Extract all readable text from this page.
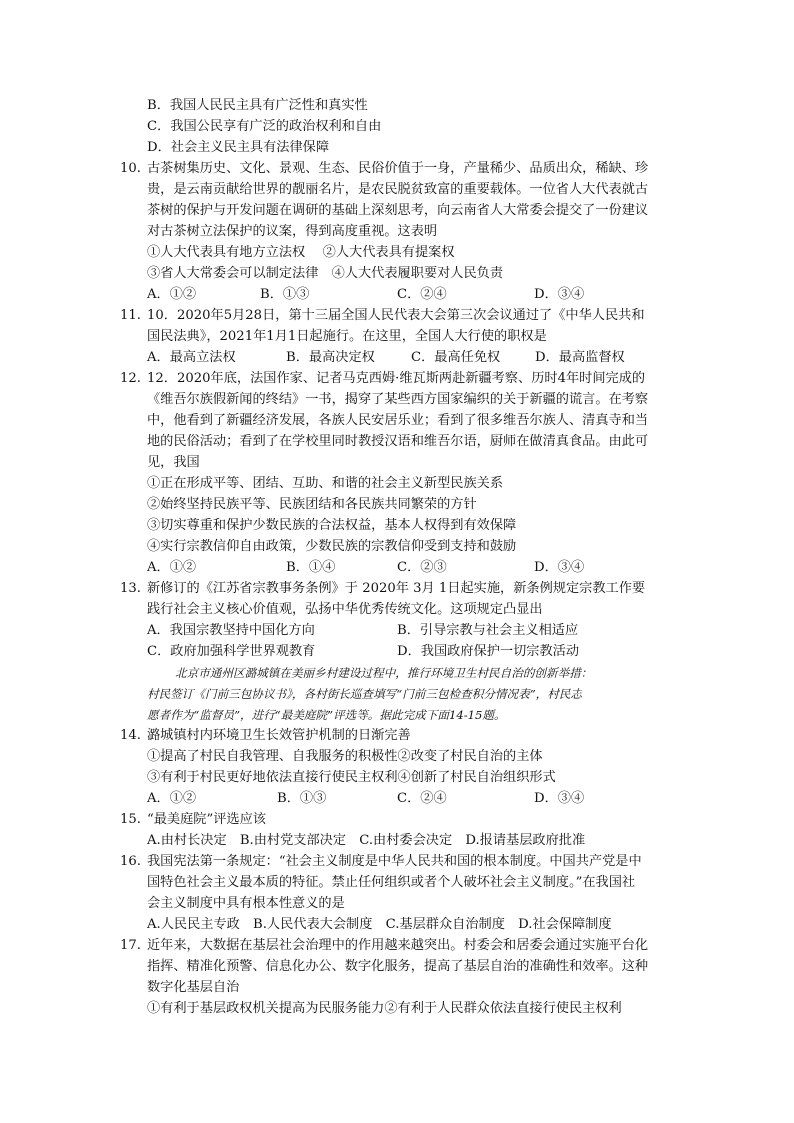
B．我国人民民主具有广泛性和真实性
C．我国公民享有广泛的政治权利和自由
D．社会主义民主具有法律保障
10. 古茶树集历史、文化、景观、生态、民俗价值于一身，产量稀少、品质出众，稀缺、珍
贵，是云南贡献给世界的靓丽名片，是农民脱贫致富的重要载体。一位省人大代表就古
茶树的保护与开发问题在调研的基础上深刻思考，向云南省人大常委会提交了一份建议
对古茶树立法保护的议案，得到高度重视。这表明
①人大代表具有地方立法权　 ②人大代表具有提案权
③省人大常委会可以制定法律　④人大代表履职要对人民负责
A．①②	B．①③	C．②④	D．③④
11. 10．2020年5月28日，第十三届全国人民代表大会第三次会议通过了《中华人民共和
国民法典》，2021年1月1日起施行。在这里，全国人大行使的职权是
A．最高立法权	B．最高决定权	C．最高任免权	D．最高监督权
12. 12．2020年底，法国作家、记者马克西姆·维瓦斯两赴新疆考察、历时4年时间完成的
《维吾尔族假新闻的终结》一书，揭穿了某些西方国家编织的关于新疆的谎言。在考察
中，他看到了新疆经济发展，各族人民安居乐业；看到了很多维吾尔族人、清真寺和当
地的民俗活动；看到了在学校里同时教授汉语和维吾尔语，厨师在做清真食品。由此可
见，我国
①正在形成平等、团结、互助、和谐的社会主义新型民族关系
②始终坚持民族平等、民族团结和各民族共同繁荣的方针
③切实尊重和保护少数民族的合法权益，基本人权得到有效保障
④实行宗教信仰自由政策，少数民族的宗教信仰受到支持和鼓励
A．①②	B．①④	C．②③	D．③④
13. 新修订的《江苏省宗教事务条例》于 2020年 3月 1日起实施，新条例规定宗教工作要
践行社会主义核心价值观，弘扬中华优秀传统文化。这项规定凸显出
A．我国宗教坚持中国化方向	B．引导宗教与社会主义相适应
C．政府加强科学世界观教育	D．我国政府保护一切宗教活动
北京市通州区潞城镇在美丽乡村建设过程中，推行环境卫生村民自治的创新举措：
村民签订《门前三包协议书》，各村街长巡查填写“门前三包检查积分情况表”，村民志
愿者作为“监督员”，进行“最美庭院”评选等。据此完成下面14-15题。
14. 潞城镇村内环境卫生长效管护机制的日渐完善
①提高了村民自我管理、自我服务的积极性②改变了村民自治的主体
③有利于村民更好地依法直接行使民主权利④创新了村民自治组织形式
A．①②	B．①③	C．②④	D．③④
15. “最美庭院”评选应该
A.由村长决定　B.由村党支部决定　C.由村委会决定　D.报请基层政府批准
16. 我国宪法第一条规定：“社会主义制度是中华人民共和国的根本制度。中国共产党是中
国特色社会主义最本质的特征。禁止任何组织或者个人破坏社会主义制度。”在我国社
会主义制度中具有根本性意义的是
A.人民民主专政　B.人民代表大会制度　C.基层群众自治制度　D.社会保障制度
17. 近年来，大数据在基层社会治理中的作用越来越突出。村委会和居委会通过实施平台化
指挥、精准化预警、信息化办公、数字化服务，提高了基层自治的准确性和效率。这种
数字化基层自治
①有利于基层政权机关提高为民服务能力②有利于人民群众依法直接行使民主权利
